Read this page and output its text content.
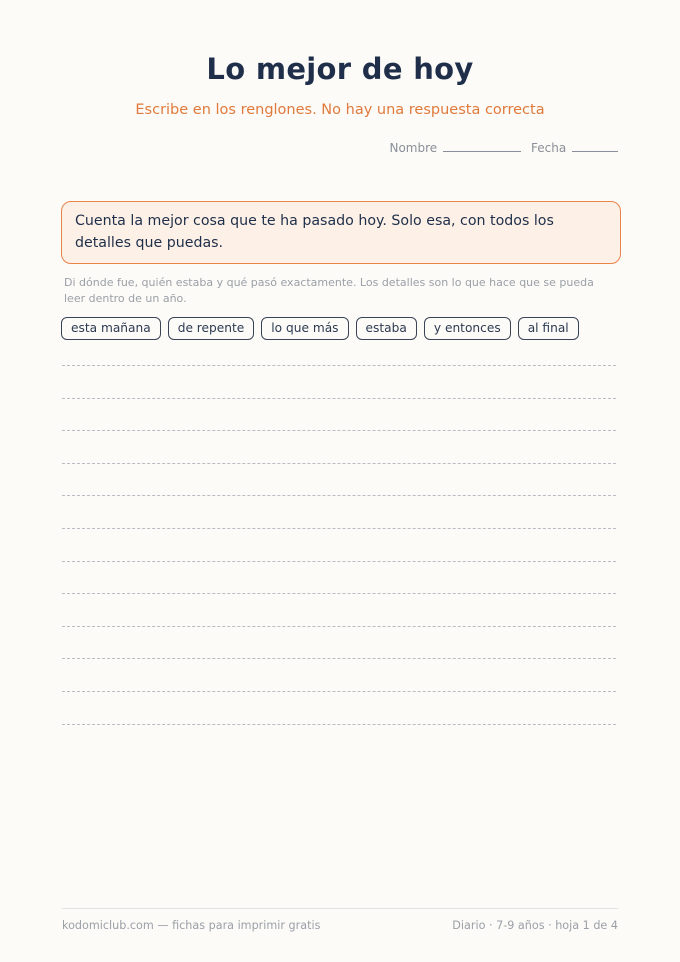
Lo mejor de hoy
Escribe en los renglones. No hay una respuesta correcta
Nombre	Fecha
Cuenta la mejor cosa que te ha pasado hoy. Solo esa, con todos los detalles que puedas.
Di dónde fue, quién estaba y qué pasó exactamente. Los detalles son lo que hace que se pueda leer dentro de un año.
esta mañana	de repente	lo que más	estaba	y entonces	al final
kodomiclub.com — fichas para imprimir gratis	Diario · 7-9 años · hoja 1 de 4
